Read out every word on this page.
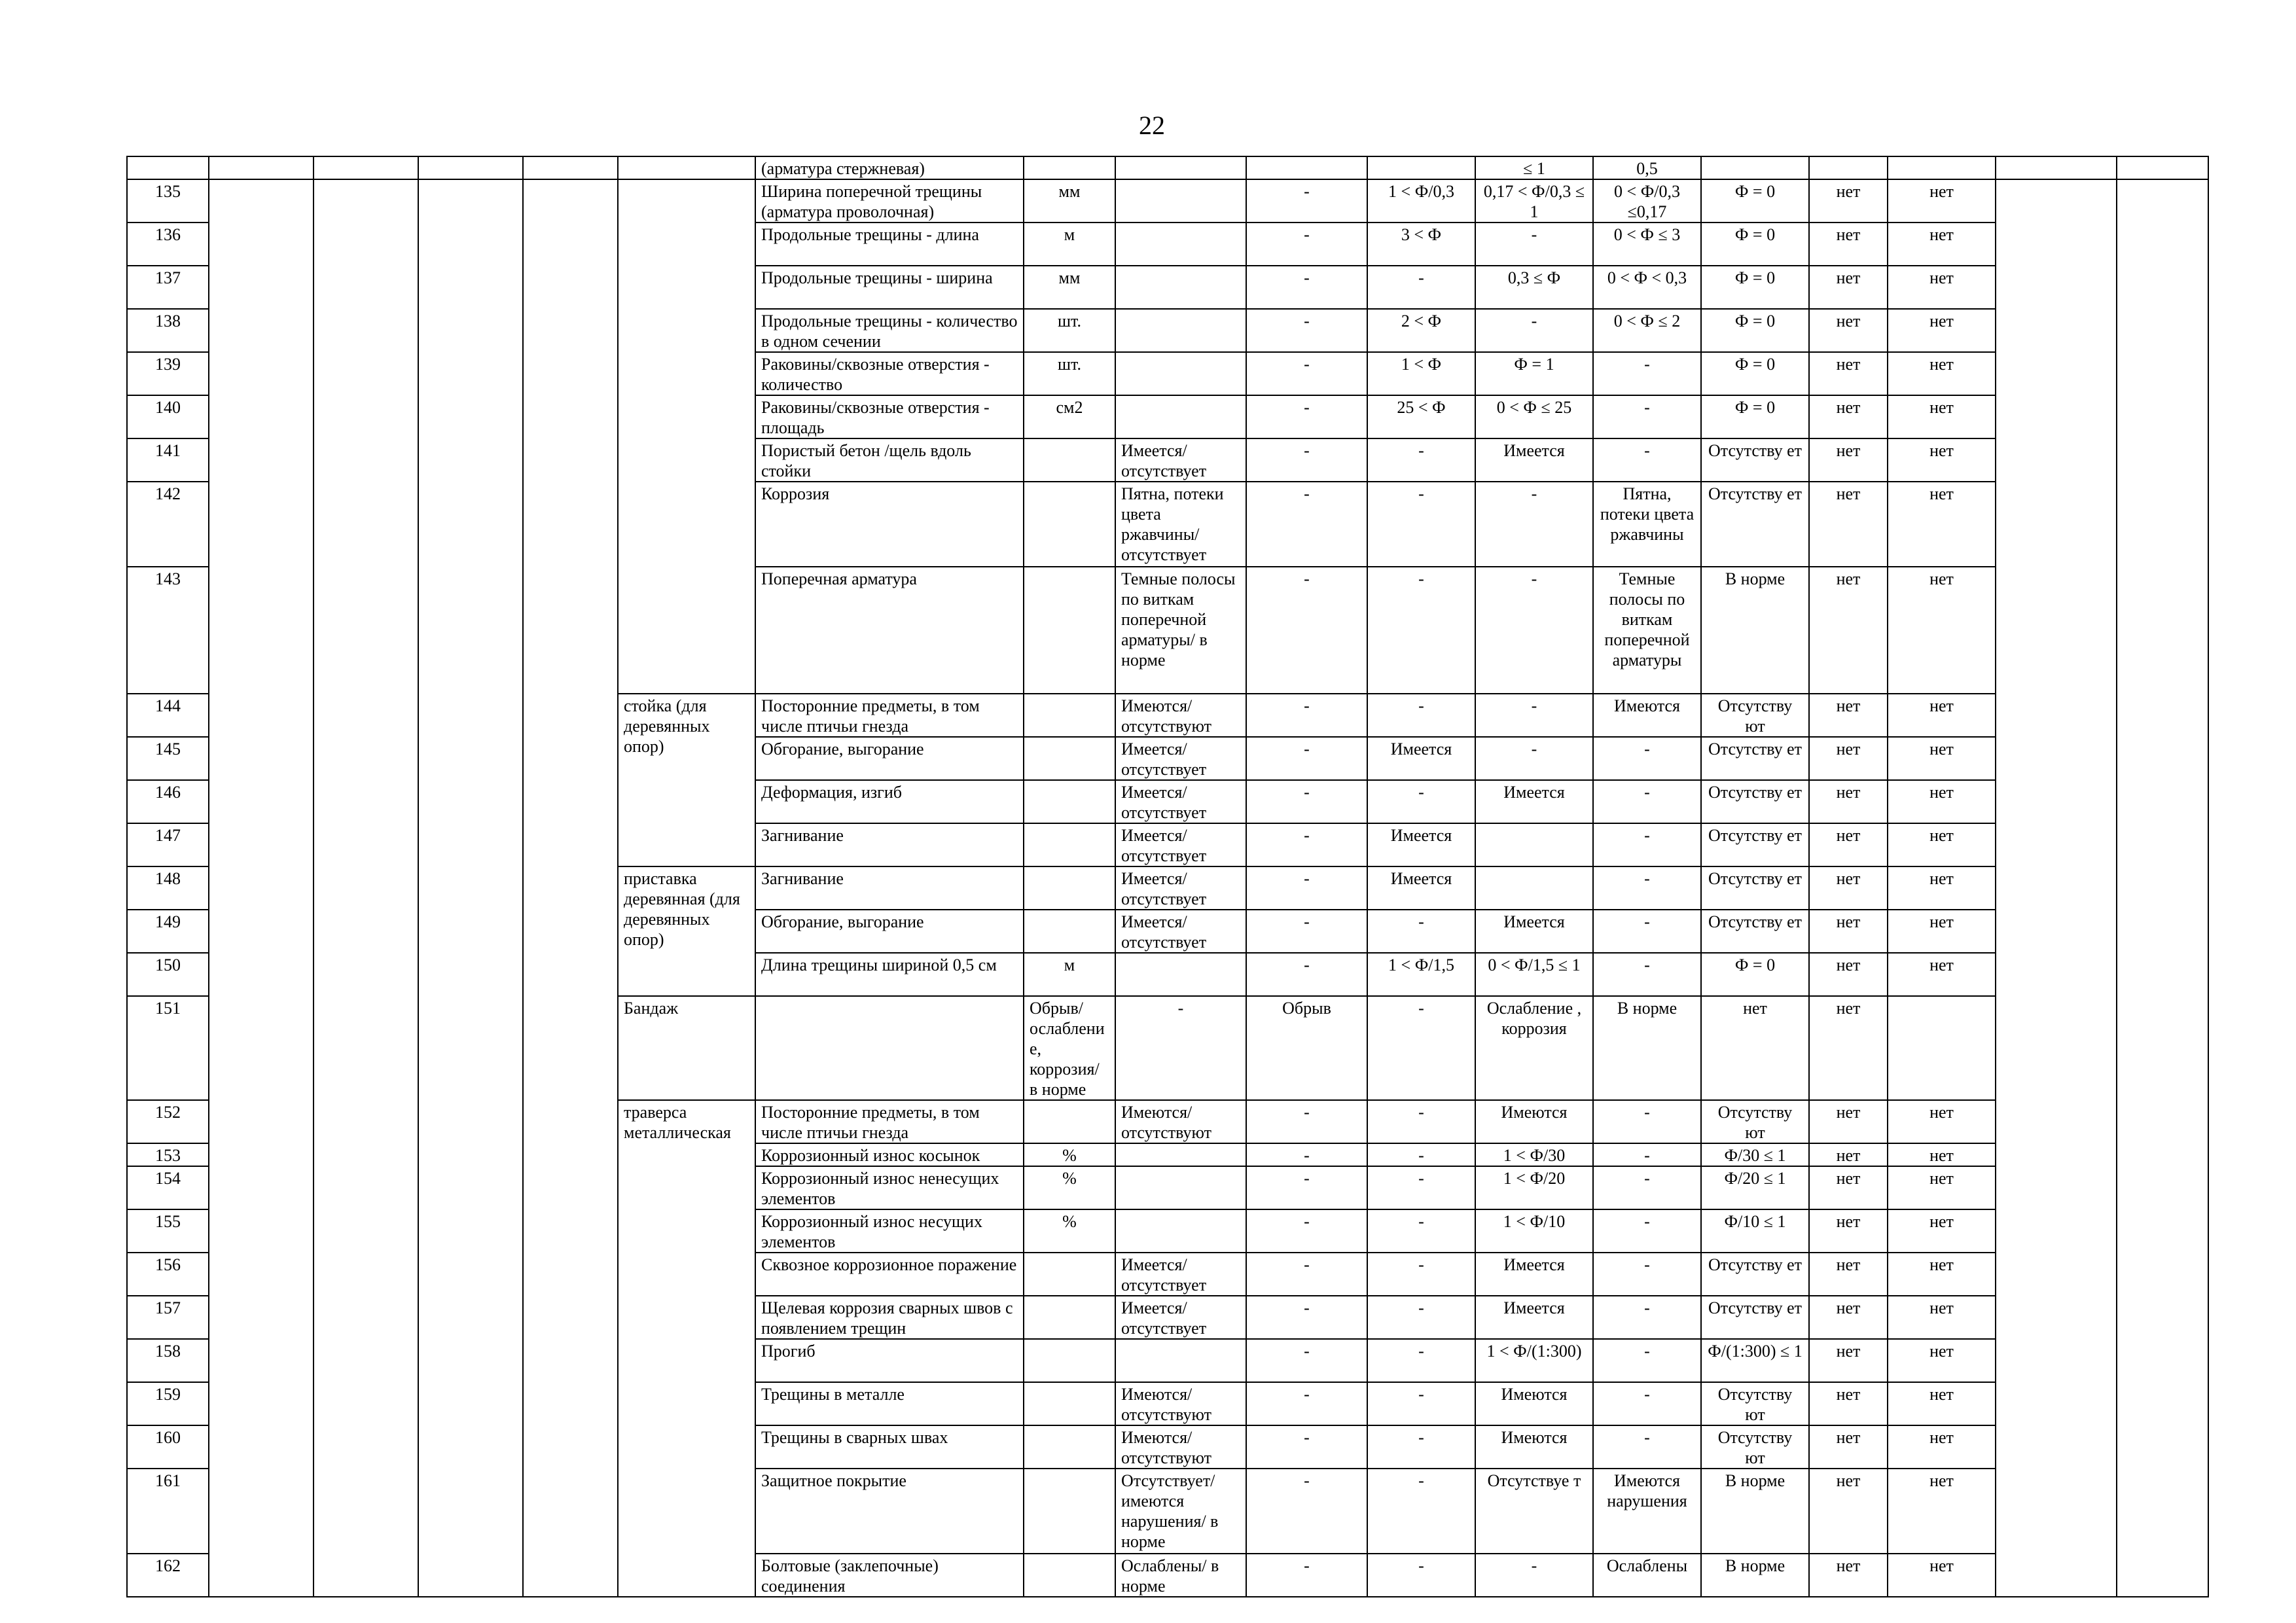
22
						(арматура стержневая)					≤ 1	0,5						
135						Ширина поперечной трещины (арматура проволочная)	мм		-	1 < Ф/0,3	0,17 < Ф/0,3 ≤ 1	0 < Ф/0,3 ≤0,17	Ф = 0	нет	нет			
136						Продольные трещины - длина	м		-	3 < Ф	-	0 < Ф ≤ 3	Ф = 0	нет	нет			
137						Продольные трещины - ширина	мм		-	-	0,3 ≤ Ф	0 < Ф < 0,3	Ф = 0	нет	нет			
138						Продольные трещины - количество в одном сечении	шт.		-	2 < Ф	-	0 < Ф ≤ 2	Ф = 0	нет	нет			
139						Раковины/сквозные отверстия - количество	шт.		-	1 < Ф	Ф = 1	-	Ф = 0	нет	нет			
140						Раковины/сквозные отверстия - площадь	см2		-	25 < Ф	0 < Ф ≤ 25	-	Ф = 0	нет	нет			
141						Пористый бетон /щель вдоль стойки		Имеется/ отсутствует	-	-	Имеется	-	Отсутству ет	нет	нет			
142						Коррозия		Пятна, потеки цвета ржавчины/ отсутствует	-	-	-	Пятна, потеки цвета ржавчины	Отсутству ет	нет	нет			
143						Поперечная арматура		Темные полосы по виткам поперечной арматуры/ в норме	-	-	-	Темные полосы по виткам поперечной арматуры	В норме	нет	нет			
144					стойка (для деревянных опор)	Посторонние предметы, в том числе птичьи гнезда		Имеются/ отсутствуют	-	-	-	Имеются	Отсутству ют	нет	нет			
145						Обгорание, выгорание		Имеется/ отсутствует	-	Имеется	-	-	Отсутству ет	нет	нет			
146						Деформация, изгиб		Имеется/ отсутствует	-	-	Имеется	-	Отсутству ет	нет	нет			
147						Загнивание		Имеется/ отсутствует	-	Имеется		-	Отсутству ет	нет	нет			
148					приставка деревянная (для деревянных опор)	Загнивание		Имеется/ отсутствует	-	Имеется		-	Отсутству ет	нет	нет			
149						Обгорание, выгорание		Имеется/ отсутствует	-	-	Имеется	-	Отсутству ет	нет	нет			
150						Длина трещины шириной 0,5 см	м		-	1 < Ф/1,5	0 < Ф/1,5 ≤ 1	-	Ф = 0	нет	нет			
151					Бандаж		Обрыв/ ослабление, коррозия/ в норме	-	Обрыв	-	Ослабление , коррозия	В норме	нет	нет				
152					траверса металлическая	Посторонние предметы, в том числе птичьи гнезда		Имеются/ отсутствуют	-	-	Имеются	-	Отсутству ют	нет	нет			
153						Коррозионный износ косынок	%		-	-	1 < Ф/30	-	Ф/30 ≤ 1	нет	нет			
154						Коррозионный износ ненесущих элементов	%		-	-	1 < Ф/20	-	Ф/20 ≤ 1	нет	нет			
155						Коррозионный износ несущих элементов	%		-	-	1 < Ф/10	-	Ф/10 ≤ 1	нет	нет			
156						Сквозное коррозионное поражение		Имеется/ отсутствует	-	-	Имеется	-	Отсутству ет	нет	нет			
157						Щелевая коррозия сварных швов с появлением трещин		Имеется/ отсутствует	-	-	Имеется	-	Отсутству ет	нет	нет			
158						Прогиб			-	-	1 < Ф/(1:300)	-	Ф/(1:300) ≤ 1	нет	нет			
159						Трещины в металле		Имеются/ отсутствуют	-	-	Имеются	-	Отсутству ют	нет	нет			
160						Трещины в сварных швах		Имеются/ отсутствуют	-	-	Имеются	-	Отсутству ют	нет	нет			
161						Защитное покрытие		Отсутствует/ имеются нарушения/ в норме	-	-	Отсутствуе т	Имеются нарушения	В норме	нет	нет			
162						Болтовые (заклепочные) соединения		Ослаблены/ в норме	-	-	-	Ослаблены	В норме	нет	нет			
